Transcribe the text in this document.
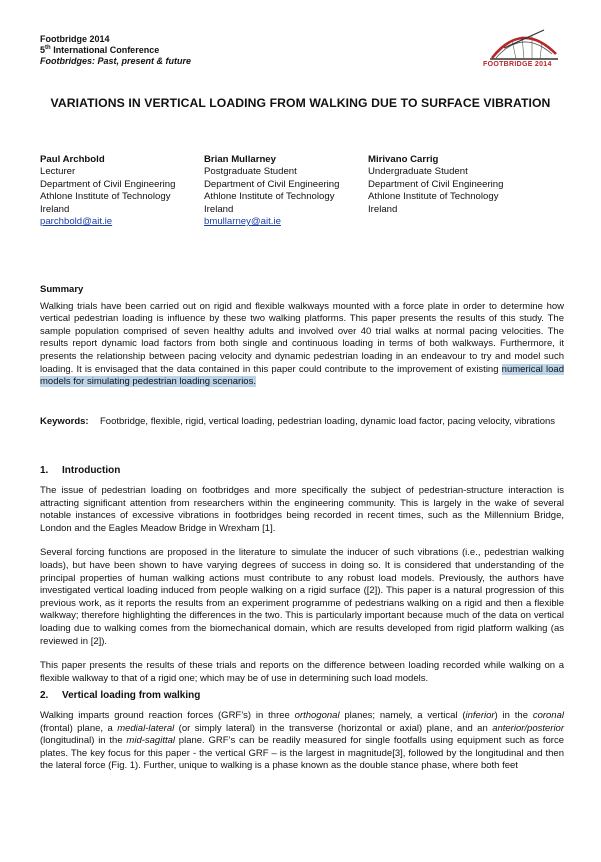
Footbridge 2014
5th International Conference
Footbridges: Past, present & future	FOOTBRIDGE 2014
VARIATIONS IN VERTICAL LOADING FROM WALKING DUE TO SURFACE VIBRATION
Paul Archbold
Lecturer
Department of Civil Engineering
Athlone Institute of Technology
Ireland
parchbold@ait.ie
Brian Mullarney
Postgraduate Student
Department of Civil Engineering
Athlone Institute of Technology
Ireland
bmullarney@ait.ie
Mirivano Carrig
Undergraduate Student
Department of Civil Engineering
Athlone Institute of Technology
Ireland

Summary

Walking trials have been carried out on rigid and flexible walkways mounted with a force plate in order to determine how vertical pedestrian loading is influence by these two walking platforms. This paper presents the results of this study. The sample population comprised of seven healthy adults and involved over 40 trial walks at normal pacing velocities. The results report dynamic load factors from both single and continuous loading in terms of both walkways. Furthermore, it presents the relationship between pacing velocity and dynamic pedestrian loading in an endeavour to try and model such loading. It is envisaged that the data contained in this paper could contribute to the improvement of existing numerical load models for simulating pedestrian loading scenarios.

Keywords: Footbridge, flexible, rigid, vertical loading, pedestrian loading, dynamic load factor, pacing velocity, vibrations
1. Introduction

The issue of pedestrian loading on footbridges and more specifically the subject of pedestrian-structure interaction is attracting significant attention from researchers within the engineering community. This is largely in the wake of several notable instances of excessive vibrations in footbridges being recorded in recent times, such as the Millennium Bridge, London and the Eagles Meadow Bridge in Wrexham [1].

Several forcing functions are proposed in the literature to simulate the inducer of such vibrations (i.e., pedestrian walking loads), but have been shown to have varying degrees of success in doing so. It is considered that understanding of the principal properties of human walking actions must contribute to any robust load models. Previously, the authors have investigated vertical loading induced from people walking on a rigid surface ([2]). This paper is a natural progression of this previous work, as it reports the results from an experiment programme of pedestrians walking on a rigid and then a flexible walkway; therefore highlighting the differences in the two. This is particularly important because much of the data on vertical loading due to walking comes from the biomechanical domain, which are results developed from rigid platform walking (as reviewed in [2]).

This paper presents the results of these trials and reports on the difference between loading recorded while walking on a flexible walkway to that of a rigid one; which may be of use in determining such load models.

2. Vertical loading from walking

Walking imparts ground reaction forces (GRF’s) in three orthogonal planes; namely, a vertical (inferior) in the coronal (frontal) plane, a medial-lateral (or simply lateral) in the transverse (horizontal or axial) plane, and an anterior/posterior (longitudinal) in the mid-sagittal plane. GRF’s can be readily measured for single footfalls using equipment such as force plates. The key focus for this paper - the vertical GRF – is the largest in magnitude[3], followed by the longitudinal and then the lateral force (Fig. 1). Further, unique to walking is a phase known as the double stance phase, where both feet
